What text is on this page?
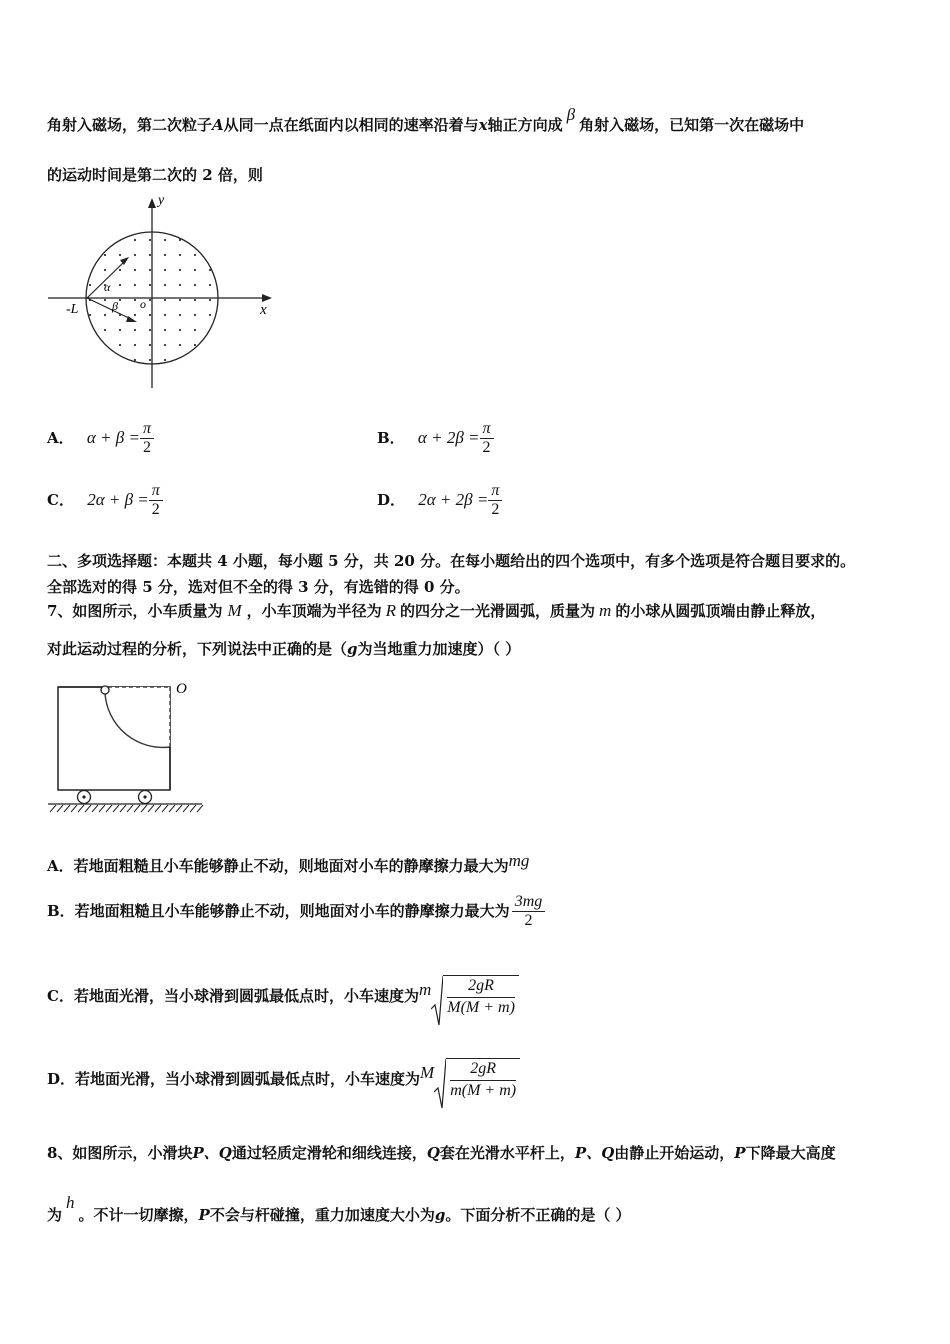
角射入磁场，第二次粒子A从同一点在纸面内以相同的速率沿着与x轴正方向成β角射入磁场，已知第一次在磁场中
的运动时间是第二次的 2 倍，则
y
x
-L
α
β o
A． $\alpha + \beta = \frac{\pi}{2}$	B． $\alpha + 2\beta = \frac{\pi}{2}$
C． $2\alpha + \beta = \frac{\pi}{2}$	D． $2\alpha + 2\beta = \frac{\pi}{2}$
二、多项选择题：本题共 4 小题，每小题 5 分，共 20 分。在每小题给出的四个选项中，有多个选项是符合题目要求的。
全部选对的得 5 分，选对但不全的得 3 分，有选错的得 0 分。
7、如图所示，小车质量为 M ，小车顶端为半径为 R 的四分之一光滑圆弧，质量为 m 的小球从圆弧顶端由静止释放，
对此运动过程的分析，下列说法中正确的是（g为当地重力加速度）（ ）
O
A．若地面粗糙且小车能够静止不动，则地面对小车的静摩擦力最大为mg
B．若地面粗糙且小车能够静止不动，则地面对小车的静摩擦力最大为 $\frac{3mg}{2}$
C．若地面光滑，当小球滑到圆弧最低点时，小车速度为m $\frac{2gR}{M(M + m)}$
D．若地面光滑，当小球滑到圆弧最低点时，小车速度为M $\frac{2gR}{m(M + m)}$
8、如图所示，小滑块P、Q通过轻质定滑轮和细线连接，Q套在光滑水平杆上，P、Q由静止开始运动，P下降最大高度
为h。不计一切摩擦，P不会与杆碰撞，重力加速度大小为g。下面分析不正确的是（ ）
